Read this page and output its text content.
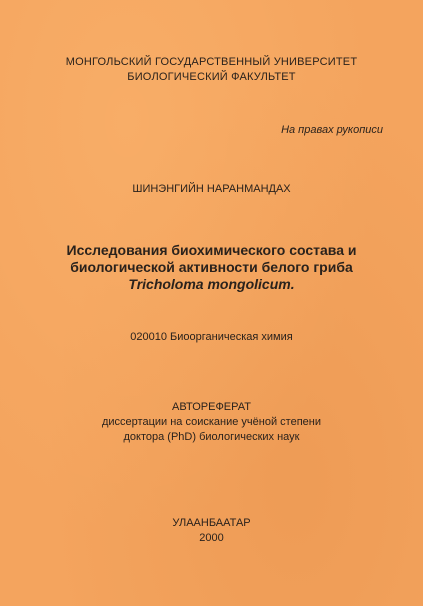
МОНГОЛЬСКИЙ ГОСУДАРСТВЕННЫЙ УНИВЕРСИТЕТ
БИОЛОГИЧЕСКИЙ ФАКУЛЬТЕТ
На правах рукописи
ШИНЭНГИЙН НАРАНМАНДАХ
Исследования биохимического состава и
биологической активности белого гриба
Tricholoma mongolicum.
020010 Биоорганическая химия
АВТОРЕФЕРАТ
диссертации на соискание учёной степени
доктора (PhD) биологических наук
УЛААНБААТАР
2000
